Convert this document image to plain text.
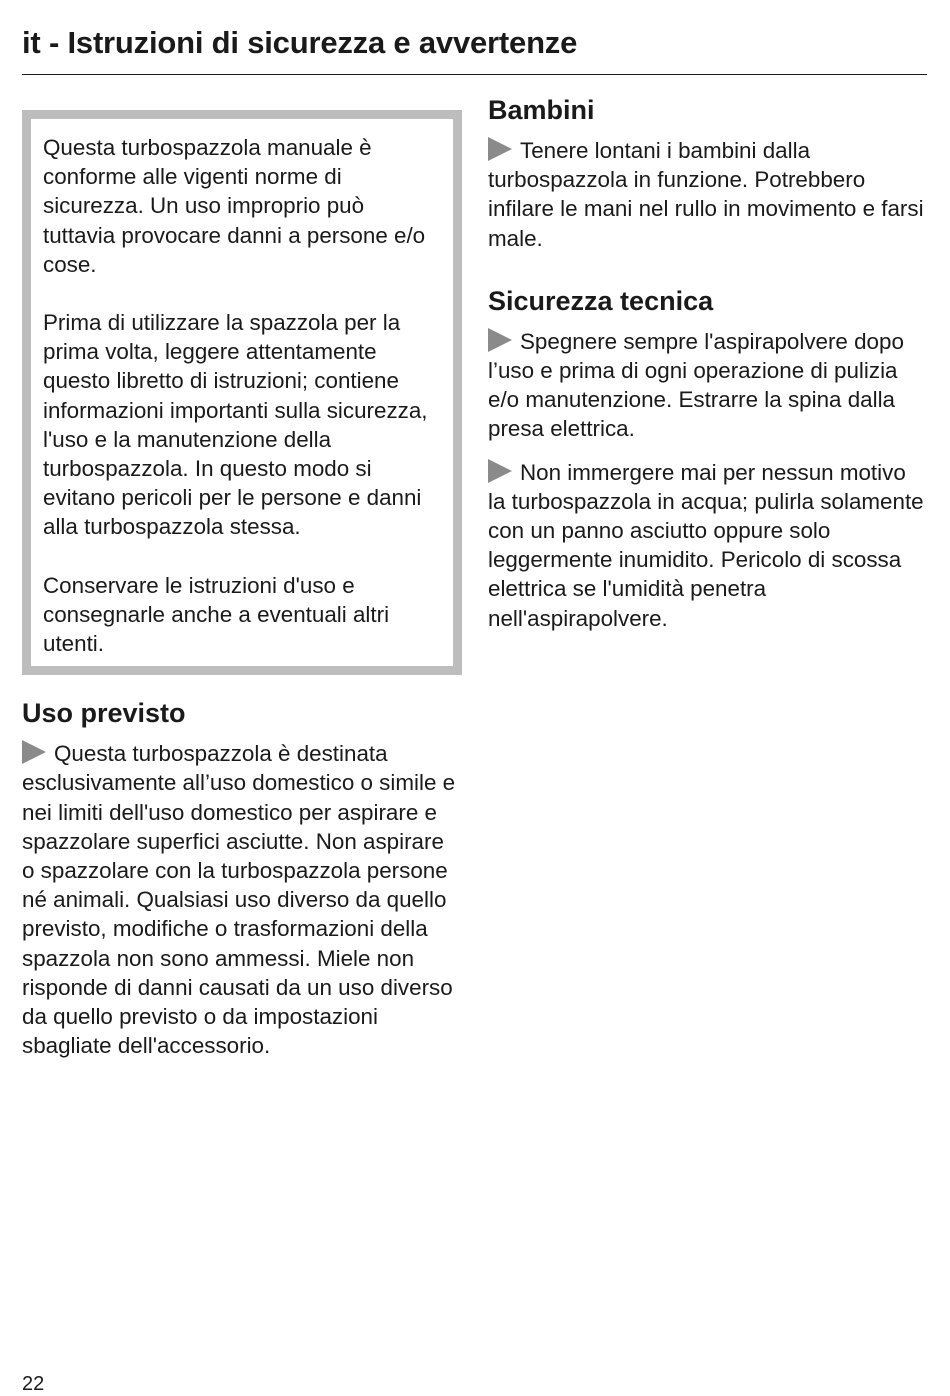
it - Istruzioni di sicurezza e avvertenze

Questa turbospazzola manuale è conforme alle vigenti norme di sicurezza. Un uso improprio può tuttavia provocare danni a persone e/o cose.

Prima di utilizzare la spazzola per la prima volta, leggere attentamente questo libretto di istruzioni; contiene informazioni importanti sulla sicurezza, l'uso e la manutenzione della turbospazzola. In questo modo si evitano pericoli per le persone e danni alla turbospazzola stessa.

Conservare le istruzioni d'uso e consegnarle anche a eventuali altri utenti.

Uso previsto

Questa turbospazzola è destinata esclusivamente all’uso domestico o simile e nei limiti dell'uso domestico per aspirare e spazzolare superfici asciutte. Non aspirare o spazzolare con la turbospazzola persone né animali. Qualsiasi uso diverso da quello previsto, modifiche o trasformazioni della spazzola non sono ammessi. Miele non risponde di danni causati da un uso diverso da quello previsto o da impostazioni sbagliate dell'accessorio.

Bambini

Tenere lontani i bambini dalla turbospazzola in funzione. Potrebbero infilare le mani nel rullo in movimento e farsi male.

Sicurezza tecnica

Spegnere sempre l'aspirapolvere dopo l’uso e prima di ogni operazione di pulizia e/o manutenzione. Estrarre la spina dalla presa elettrica.

Non immergere mai per nessun motivo la turbospazzola in acqua; pulirla solamente con un panno asciutto oppure solo leggermente inumidito. Pericolo di scossa elettrica se l'umidità penetra nell'aspirapolvere.

22
